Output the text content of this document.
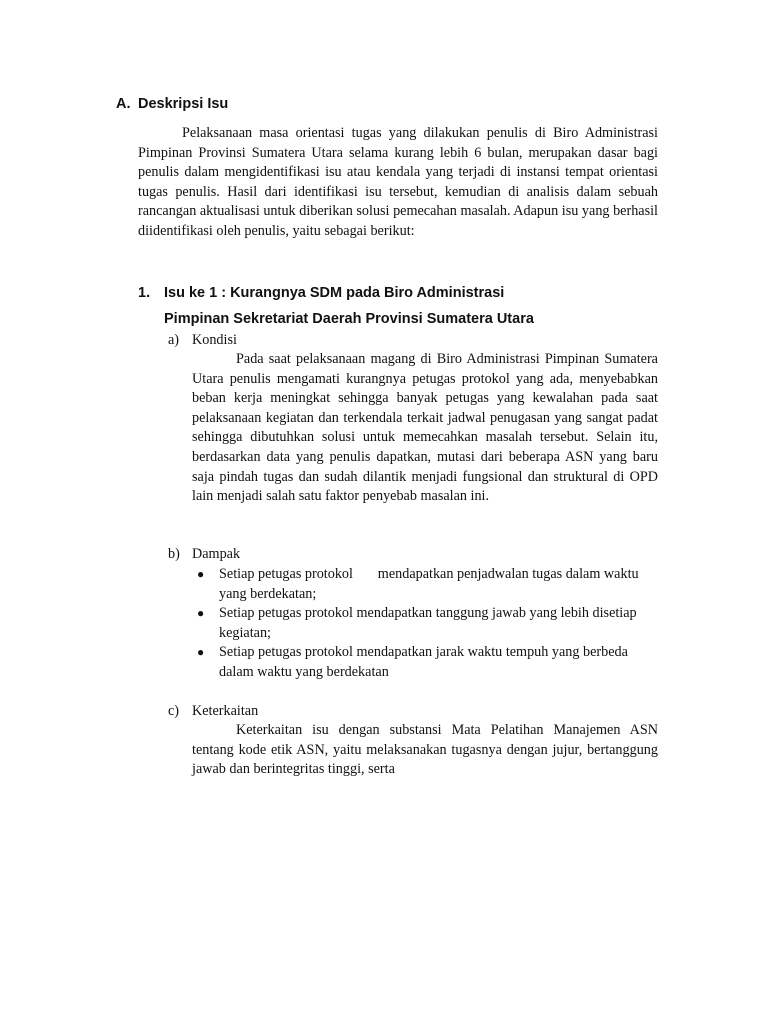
A. Deskripsi Isu

Pelaksanaan masa orientasi tugas yang dilakukan penulis di Biro Administrasi Pimpinan Provinsi Sumatera Utara selama kurang lebih 6 bulan, merupakan dasar bagi penulis dalam mengidentifikasi isu atau kendala yang terjadi di instansi tempat orientasi tugas penulis. Hasil dari identifikasi isu tersebut, kemudian di analisis dalam sebuah rancangan aktualisasi untuk diberikan solusi pemecahan masalah. Adapun isu yang berhasil diidentifikasi oleh penulis, yaitu sebagai berikut:

1. Isu ke 1 : Kurangnya SDM pada Biro Administrasi
Pimpinan Sekretariat Daerah Provinsi Sumatera Utara
a) Kondisi

Pada saat pelaksanaan magang di Biro Administrasi Pimpinan Sumatera Utara penulis mengamati kurangnya petugas protokol yang ada, menyebabkan beban kerja meningkat sehingga banyak petugas yang kewalahan pada saat pelaksanaan kegiatan dan terkendala terkait jadwal penugasan yang sangat padat sehingga dibutuhkan solusi untuk memecahkan masalah tersebut. Selain itu, berdasarkan data yang penulis dapatkan, mutasi dari beberapa ASN yang baru saja pindah tugas dan sudah dilantik menjadi fungsional dan struktural di OPD lain menjadi salah satu faktor penyebab masalan ini.

b) Dampak
● Setiap petugas protokol       mendapatkan penjadwalan tugas dalam waktu yang berdekatan;
● Setiap petugas protokol mendapatkan tanggung jawab yang lebih disetiap kegiatan;
● Setiap petugas protokol mendapatkan jarak waktu tempuh yang berbeda dalam waktu yang berdekatan
c) Keterkaitan

Keterkaitan isu dengan substansi Mata Pelatihan Manajemen ASN tentang kode etik ASN, yaitu melaksanakan tugasnya dengan jujur, bertanggung jawab dan berintegritas tinggi, serta
